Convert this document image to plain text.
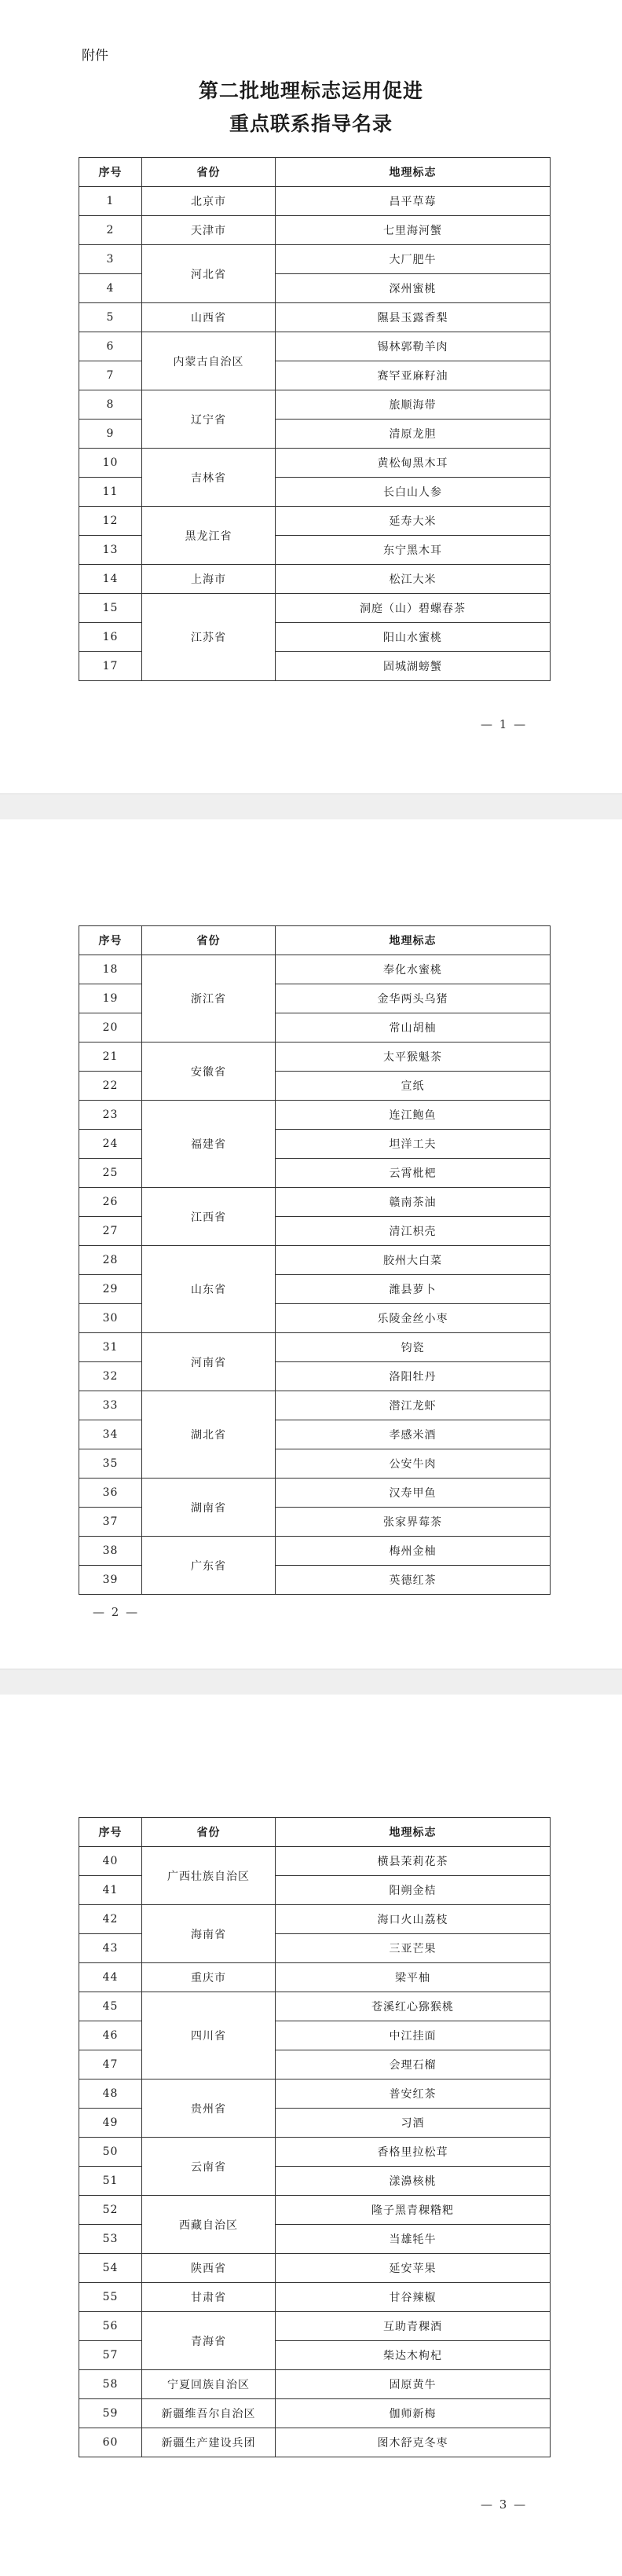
附件
第二批地理标志运用促进
重点联系指导名录
序号	省份	地理标志
1	北京市	昌平草莓
2	天津市	七里海河蟹
3	河北省	大厂肥牛
4		深州蜜桃
5	山西省	隰县玉露香梨
6	内蒙古自治区	锡林郭勒羊肉
7		赛罕亚麻籽油
8	辽宁省	旅顺海带
9		清原龙胆
10	吉林省	黄松甸黑木耳
11		长白山人参
12	黑龙江省	延寿大米
13		东宁黑木耳
14	上海市	松江大米
15	江苏省	洞庭（山）碧螺春茶
16		阳山水蜜桃
17		固城湖螃蟹
— 1 —
序号	省份	地理标志
18	浙江省	奉化水蜜桃
19		金华两头乌猪
20		常山胡柚
21	安徽省	太平猴魁茶
22		宣纸
23	福建省	连江鲍鱼
24		坦洋工夫
25		云霄枇杷
26	江西省	赣南茶油
27		清江枳壳
28	山东省	胶州大白菜
29		潍县萝卜
30		乐陵金丝小枣
31	河南省	钧瓷
32		洛阳牡丹
33	湖北省	潜江龙虾
34		孝感米酒
35		公安牛肉
36	湖南省	汉寿甲鱼
37		张家界莓茶
38	广东省	梅州金柚
39		英德红茶
— 2 —
序号	省份	地理标志
40	广西壮族自治区	横县茉莉花茶
41		阳朔金桔
42	海南省	海口火山荔枝
43		三亚芒果
44	重庆市	梁平柚
45	四川省	苍溪红心猕猴桃
46		中江挂面
47		会理石榴
48	贵州省	普安红茶
49		习酒
50	云南省	香格里拉松茸
51		漾濞核桃
52	西藏自治区	隆子黑青稞糌粑
53		当雄牦牛
54	陕西省	延安苹果
55	甘肃省	甘谷辣椒
56	青海省	互助青稞酒
57		柴达木枸杞
58	宁夏回族自治区	固原黄牛
59	新疆维吾尔自治区	伽师新梅
60	新疆生产建设兵团	图木舒克冬枣
— 3 —
